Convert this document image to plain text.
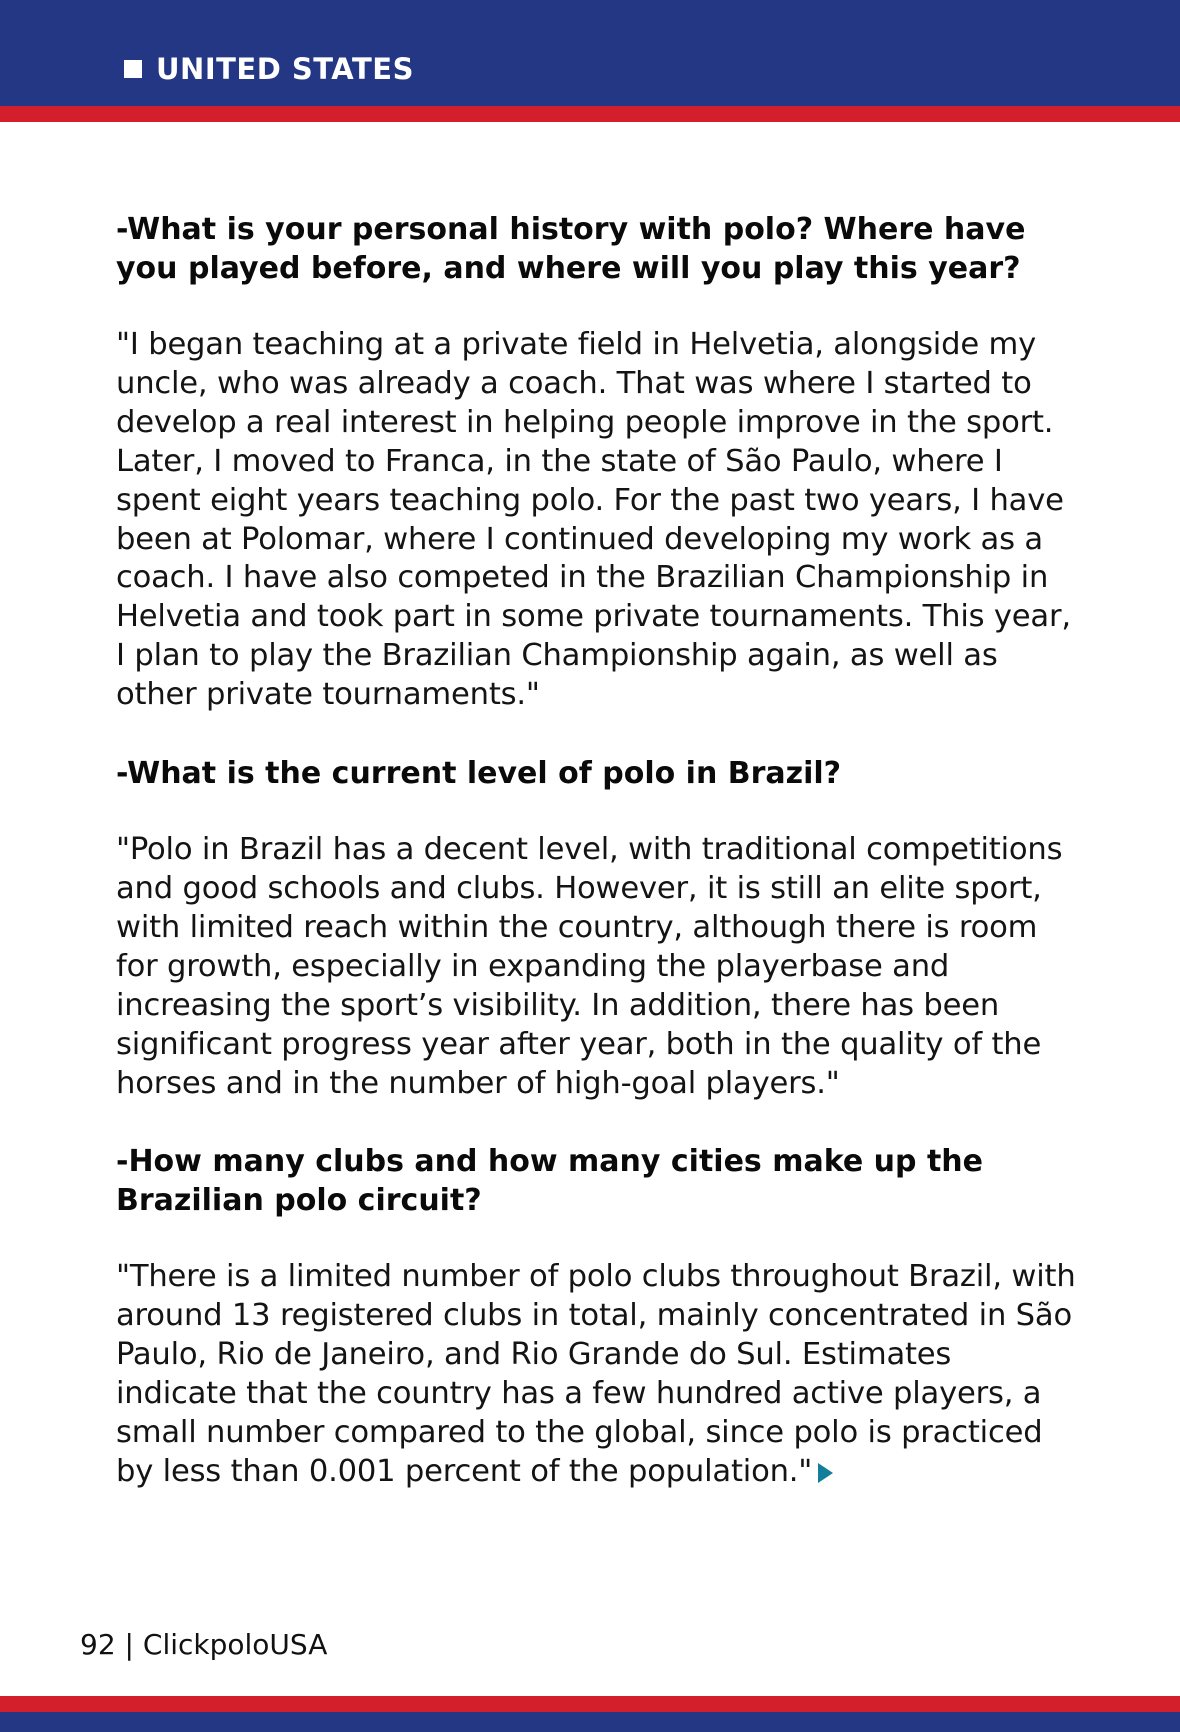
UNITED STATES

-What is your personal history with polo? Where have you played before, and where will you play this year?

"I began teaching at a private field in Helvetia, alongside my uncle, who was already a coach. That was where I started to develop a real interest in helping people improve in the sport. Later, I moved to Franca, in the state of São Paulo, where I spent eight years teaching polo. For the past two years, I have been at Polomar, where I continued developing my work as a coach. I have also competed in the Brazilian Championship in Helvetia and took part in some private tournaments. This year, I plan to play the Brazilian Championship again, as well as other private tournaments."

-What is the current level of polo in Brazil?

"Polo in Brazil has a decent level, with traditional competitions and good schools and clubs. However, it is still an elite sport, with limited reach within the country, although there is room for growth, especially in expanding the playerbase and increasing the sport’s visibility. In addition, there has been significant progress year after year, both in the quality of the horses and in the number of high-goal players."

-How many clubs and how many cities make up the Brazilian polo circuit?

"There is a limited number of polo clubs throughout Brazil, with around 13 registered clubs in total, mainly concentrated in São Paulo, Rio de Janeiro, and Rio Grande do Sul. Estimates indicate that the country has a few hundred active players, a small number compared to the global, since polo is practiced by less than 0.001 percent of the population."

92 | ClickpoloUSA
